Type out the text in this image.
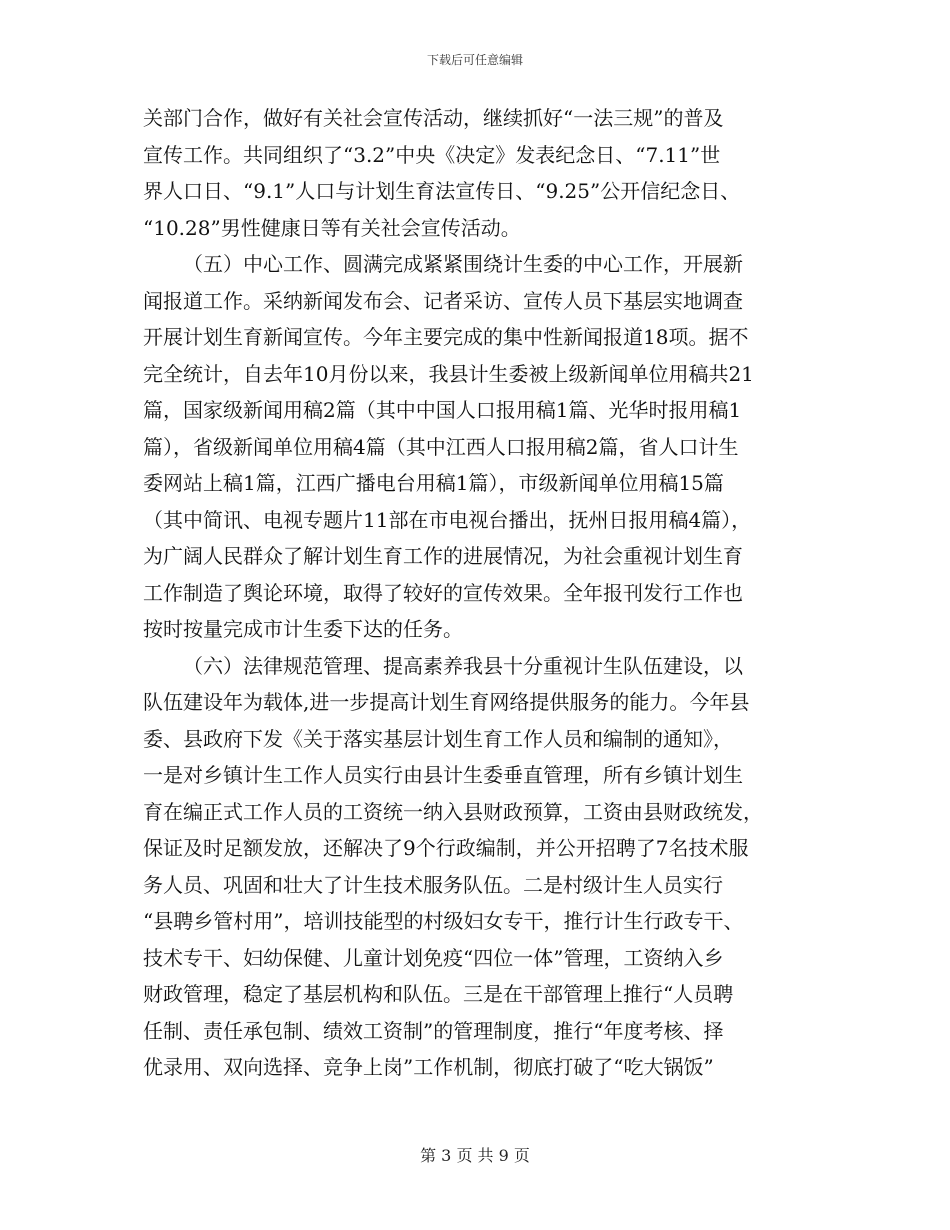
下载后可任意编辑
关部门合作，做好有关社会宣传活动，继续抓好“一法三规”的普及
宣传工作。共同组织了“3.2”中央《决定》发表纪念日、“7.11”世
界人口日、“9.1”人口与计划生育法宣传日、“9.25”公开信纪念日、
“10.28”男性健康日等有关社会宣传活动。
（五）中心工作、圆满完成紧紧围绕计生委的中心工作，开展新
闻报道工作。采纳新闻发布会、记者采访、宣传人员下基层实地调查
开展计划生育新闻宣传。今年主要完成的集中性新闻报道18项。据不
完全统计，自去年10月份以来，我县计生委被上级新闻单位用稿共21
篇，国家级新闻用稿2篇（其中中国人口报用稿1篇、光华时报用稿1
篇），省级新闻单位用稿4篇（其中江西人口报用稿2篇，省人口计生
委网站上稿1篇，江西广播电台用稿1篇），市级新闻单位用稿15篇
（其中简讯、电视专题片11部在市电视台播出，抚州日报用稿4篇），
为广阔人民群众了解计划生育工作的进展情况，为社会重视计划生育
工作制造了舆论环境，取得了较好的宣传效果。全年报刊发行工作也
按时按量完成市计生委下达的任务。
（六）法律规范管理、提高素养我县十分重视计生队伍建设，以
队伍建设年为载体,进一步提高计划生育网络提供服务的能力。今年县
委、县政府下发《关于落实基层计划生育工作人员和编制的通知》，
一是对乡镇计生工作人员实行由县计生委垂直管理，所有乡镇计划生
育在编正式工作人员的工资统一纳入县财政预算，工资由县财政统发，
保证及时足额发放，还解决了9个行政编制，并公开招聘了7名技术服
务人员、巩固和壮大了计生技术服务队伍。二是村级计生人员实行
“县聘乡管村用”，培训技能型的村级妇女专干，推行计生行政专干、
技术专干、妇幼保健、儿童计划免疫“四位一体”管理，工资纳入乡
财政管理，稳定了基层机构和队伍。三是在干部管理上推行“人员聘
任制、责任承包制、绩效工资制”的管理制度，推行“年度考核、择
优录用、双向选择、竞争上岗”工作机制，彻底打破了“吃大锅饭”
第 3 页 共 9 页
